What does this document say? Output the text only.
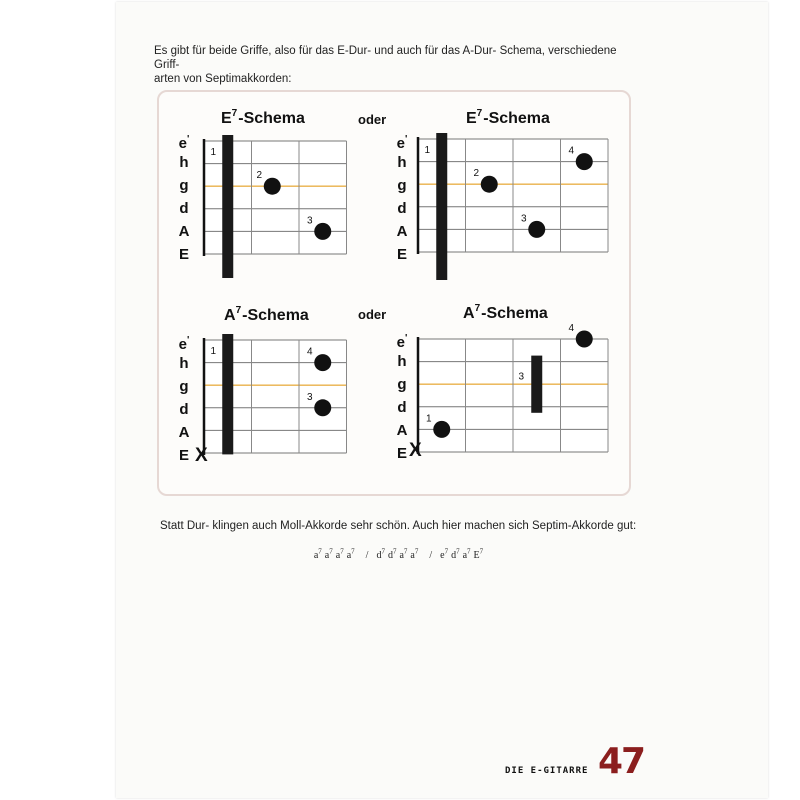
Es gibt für beide Griffe, also für das E-Dur- und auch für das A-Dur- Schema, verschiedene Griff-
arten von Septimakkorden:
$E^7$-Schema
e'
h
g
d
A
E
1
2
3
oder	$E^7$-Schema
e'
h
g
d
A
E
1
2
3
4
$A^7$-Schema
e'
h
g
d
A
E
1	4
3
X
oder	$A^7$-Schema
e'
h
g
d
A
E
3
1
4
X
Statt Dur- klingen auch Moll-Akkorde sehr schön. Auch hier machen sich Septim-Akkorde gut:
$a^7$ $a^7$ $a^7$ $a^7 / d^7$ $d^7$ $a^7$ $a^7 / e^7$ $d^7$ $a^7$ $E^7$
DIE E-GITARRE 47
